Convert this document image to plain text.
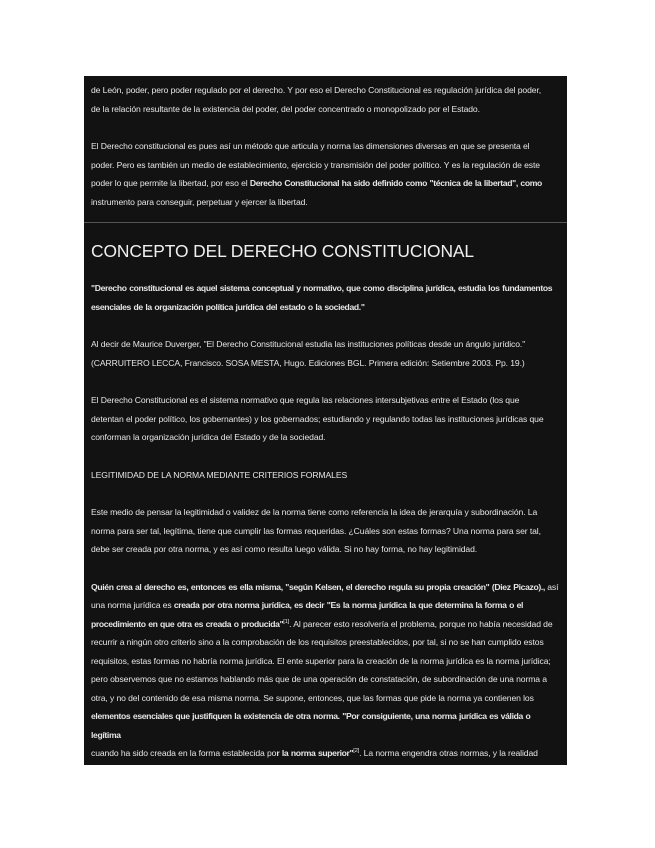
de León, poder, pero poder regulado por el derecho. Y por eso el Derecho Constitucional es regulación jurídica del poder,

de la relación resultante de la existencia del poder, del poder concentrado o monopolizado por el Estado.

El Derecho constitucional es pues así un método que articula y norma las dimensiones diversas en que se presenta el

poder. Pero es también un medio de establecimiento, ejercicio y transmisión del poder político. Y es la regulación de este

poder lo que permite la libertad, por eso el Derecho Constitucional ha sido definido como "técnica de la libertad", como

instrumento para conseguir, perpetuar y ejercer la libertad.

CONCEPTO DEL DERECHO CONSTITUCIONAL

"Derecho constitucional es aquel sistema conceptual y normativo, que como disciplina jurídica, estudia los fundamentos

esenciales de la organización política jurídica del estado o la sociedad."

Al decir de Maurice Duverger, "El Derecho Constitucional estudia las instituciones políticas desde un ángulo jurídico."

(CARRUITERO LECCA, Francisco. SOSA MESTA, Hugo. Ediciones BGL. Primera edición: Setiembre 2003. Pp. 19.)

El Derecho Constitucional es el sistema normativo que regula las relaciones intersubjetivas entre el Estado (los que

detentan el poder político, los gobernantes) y los gobernados; estudiando y regulando todas las instituciones jurídicas que

conforman la organización jurídica del Estado y de la sociedad.

LEGITIMIDAD DE LA NORMA MEDIANTE CRITERIOS FORMALES

Este medio de pensar la legitimidad o validez de la norma tiene como referencia la idea de jerarquía y subordinación. La

norma para ser tal, legítima, tiene que cumplir las formas requeridas. ¿Cuáles son estas formas? Una norma para ser tal,

debe ser creada por otra norma, y es así como resulta luego válida. Si no hay forma, no hay legitimidad.

Quién crea al derecho es, entonces es ella misma, "según Kelsen, el derecho regula su propia creación" (Diez Picazo)., así

una norma jurídica es creada por otra norma jurídica, es decir "Es la norma jurídica la que determina la forma o el

procedimiento en que otra es creada o producida"[1]. Al parecer esto resolvería el problema, porque no había necesidad de

recurrir a ningún otro criterio sino a la comprobación de los requisitos preestablecidos, por tal, si no se han cumplido estos

requisitos, estas formas no habría norma jurídica. El ente superior para la creación de la norma jurídica es la norma jurídica;

pero observemos que no estamos hablando más que de una operación de constatación, de subordinación de una norma a

otra, y no del contenido de esa misma norma. Se supone, entonces, que las formas que pide la norma ya contienen los

elementos esenciales que justifiquen la existencia de otra norma. "Por consiguiente, una norma jurídica es válida o legítima

cuando ha sido creada en la forma establecida por la norma superior"[2]. La norma engendra otras normas, y la realidad
